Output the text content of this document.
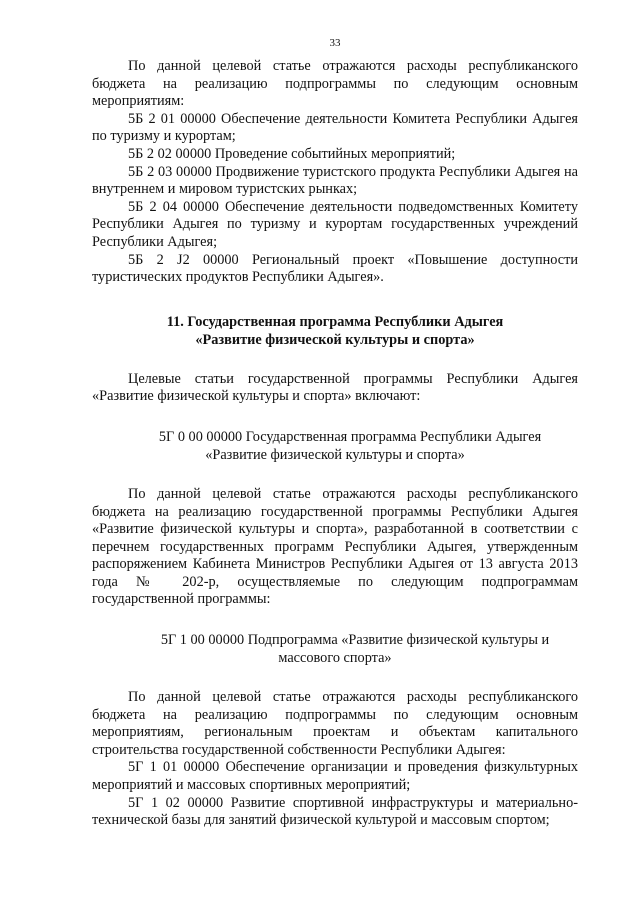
33

По данной целевой статье отражаются расходы республиканского бюджета на реализацию подпрограммы по следующим основным мероприятиям:

5Б 2 01 00000 Обеспечение деятельности Комитета Республики Адыгея по туризму и курортам;

5Б 2 02 00000 Проведение событийных мероприятий;

5Б 2 03 00000 Продвижение туристского продукта Республики Адыгея на внутреннем и мировом туристских рынках;

5Б 2 04 00000 Обеспечение деятельности подведомственных Комитету Республики Адыгея по туризму и курортам государственных учреждений Республики Адыгея;

5Б 2 J2 00000 Региональный проект «Повышение доступности туристических продуктов Республики Адыгея».

11. Государственная программа Республики Адыгея
«Развитие физической культуры и спорта»

Целевые статьи государственной программы Республики Адыгея «Развитие физической культуры и спорта» включают:

5Г 0 00 00000 Государственная программа Республики Адыгея
«Развитие физической культуры и спорта»

По данной целевой статье отражаются расходы республиканского бюджета на реализацию государственной программы Республики Адыгея «Развитие физической культуры и спорта», разработанной в соответствии с перечнем государственных программ Республики Адыгея, утвержденным распоряжением Кабинета Министров Республики Адыгея от 13 августа 2013 года № 202-р, осуществляемые по следующим подпрограммам государственной программы:

5Г 1 00 00000 Подпрограмма «Развитие физической культуры и
массового спорта»

По данной целевой статье отражаются расходы республиканского бюджета на реализацию подпрограммы по следующим основным мероприятиям, региональным проектам и объектам капитального строительства государственной собственности Республики Адыгея:

5Г 1 01 00000 Обеспечение организации и проведения физкультурных мероприятий и массовых спортивных мероприятий;

5Г 1 02 00000 Развитие спортивной инфраструктуры и материально-технической базы для занятий физической культурой и массовым спортом;
